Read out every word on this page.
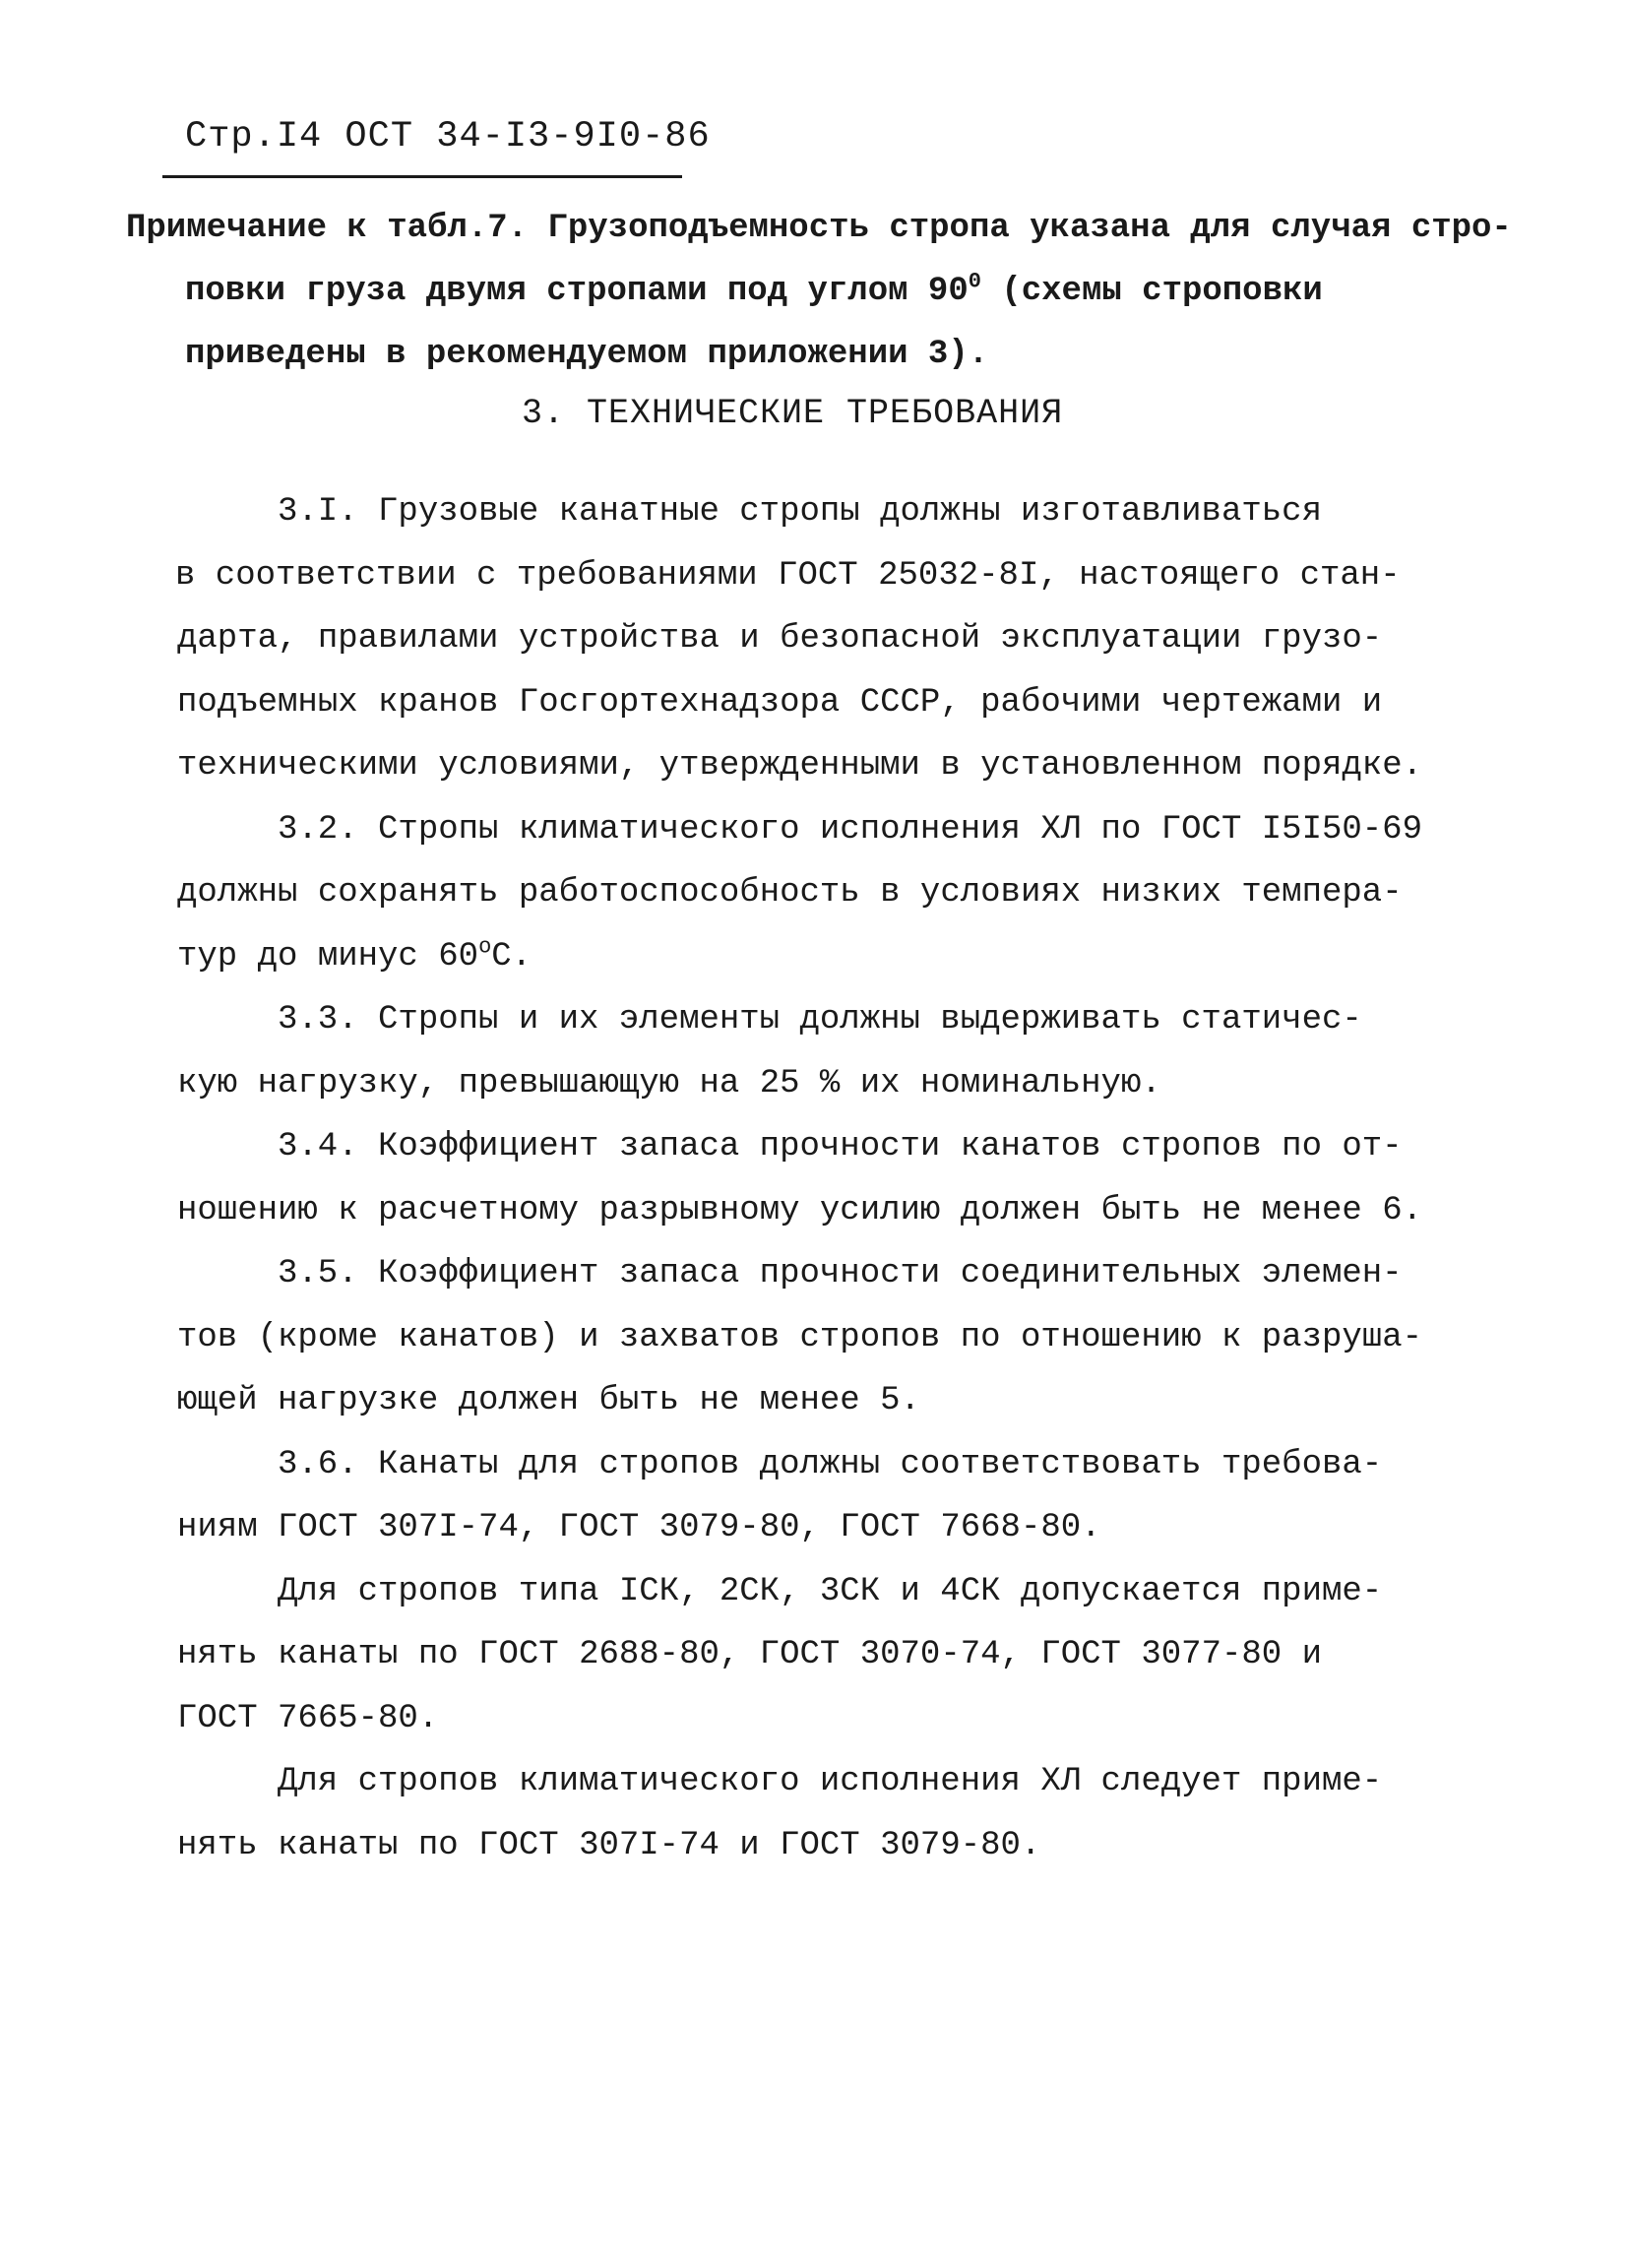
Стр.I4 ОСТ 34-I3-9I0-86
Примечание к табл.7. Грузоподъемность стропа указана для случая стро-
повки груза двумя стропами под углом $90^0$ (схемы строповки
приведены в рекомендуемом приложении 3).
3. ТЕХНИЧЕСКИЕ ТРЕБОВАНИЯ
3.I. Грузовые канатные стропы должны изготавливаться
в соответствии с требованиями ГОСТ 25032-8I, настоящего стан-
дарта, правилами устройства и безопасной эксплуатации грузо-
подъемных кранов Госгортехнадзора СССР, рабочими чертежами и
техническими условиями, утвержденными в установленном порядке.
3.2. Стропы климатического исполнения ХЛ по ГОСТ I5I50-69
должны сохранять работоспособность в условиях низких темпера-
тур до минус $60^оС$.
3.3. Стропы и их элементы должны выдерживать статичес-
кую нагрузку, превышающую на 25 % их номинальную.
3.4. Коэффициент запаса прочности канатов стропов по от-
ношению к расчетному разрывному усилию должен быть не менее 6.
3.5. Коэффициент запаса прочности соединительных элемен-
тов (кроме канатов) и захватов стропов по отношению к разруша-
ющей нагрузке должен быть не менее 5.
3.6. Канаты для стропов должны соответствовать требова-
ниям ГОСТ 307I-74, ГОСТ 3079-80, ГОСТ 7668-80.
Для стропов типа IСК, 2СК, 3СК и 4СК допускается приме-
нять канаты по ГОСТ 2688-80, ГОСТ 3070-74, ГОСТ 3077-80 и
ГОСТ 7665-80.
Для стропов климатического исполнения ХЛ следует приме-
нять канаты по ГОСТ 307I-74 и ГОСТ 3079-80.
